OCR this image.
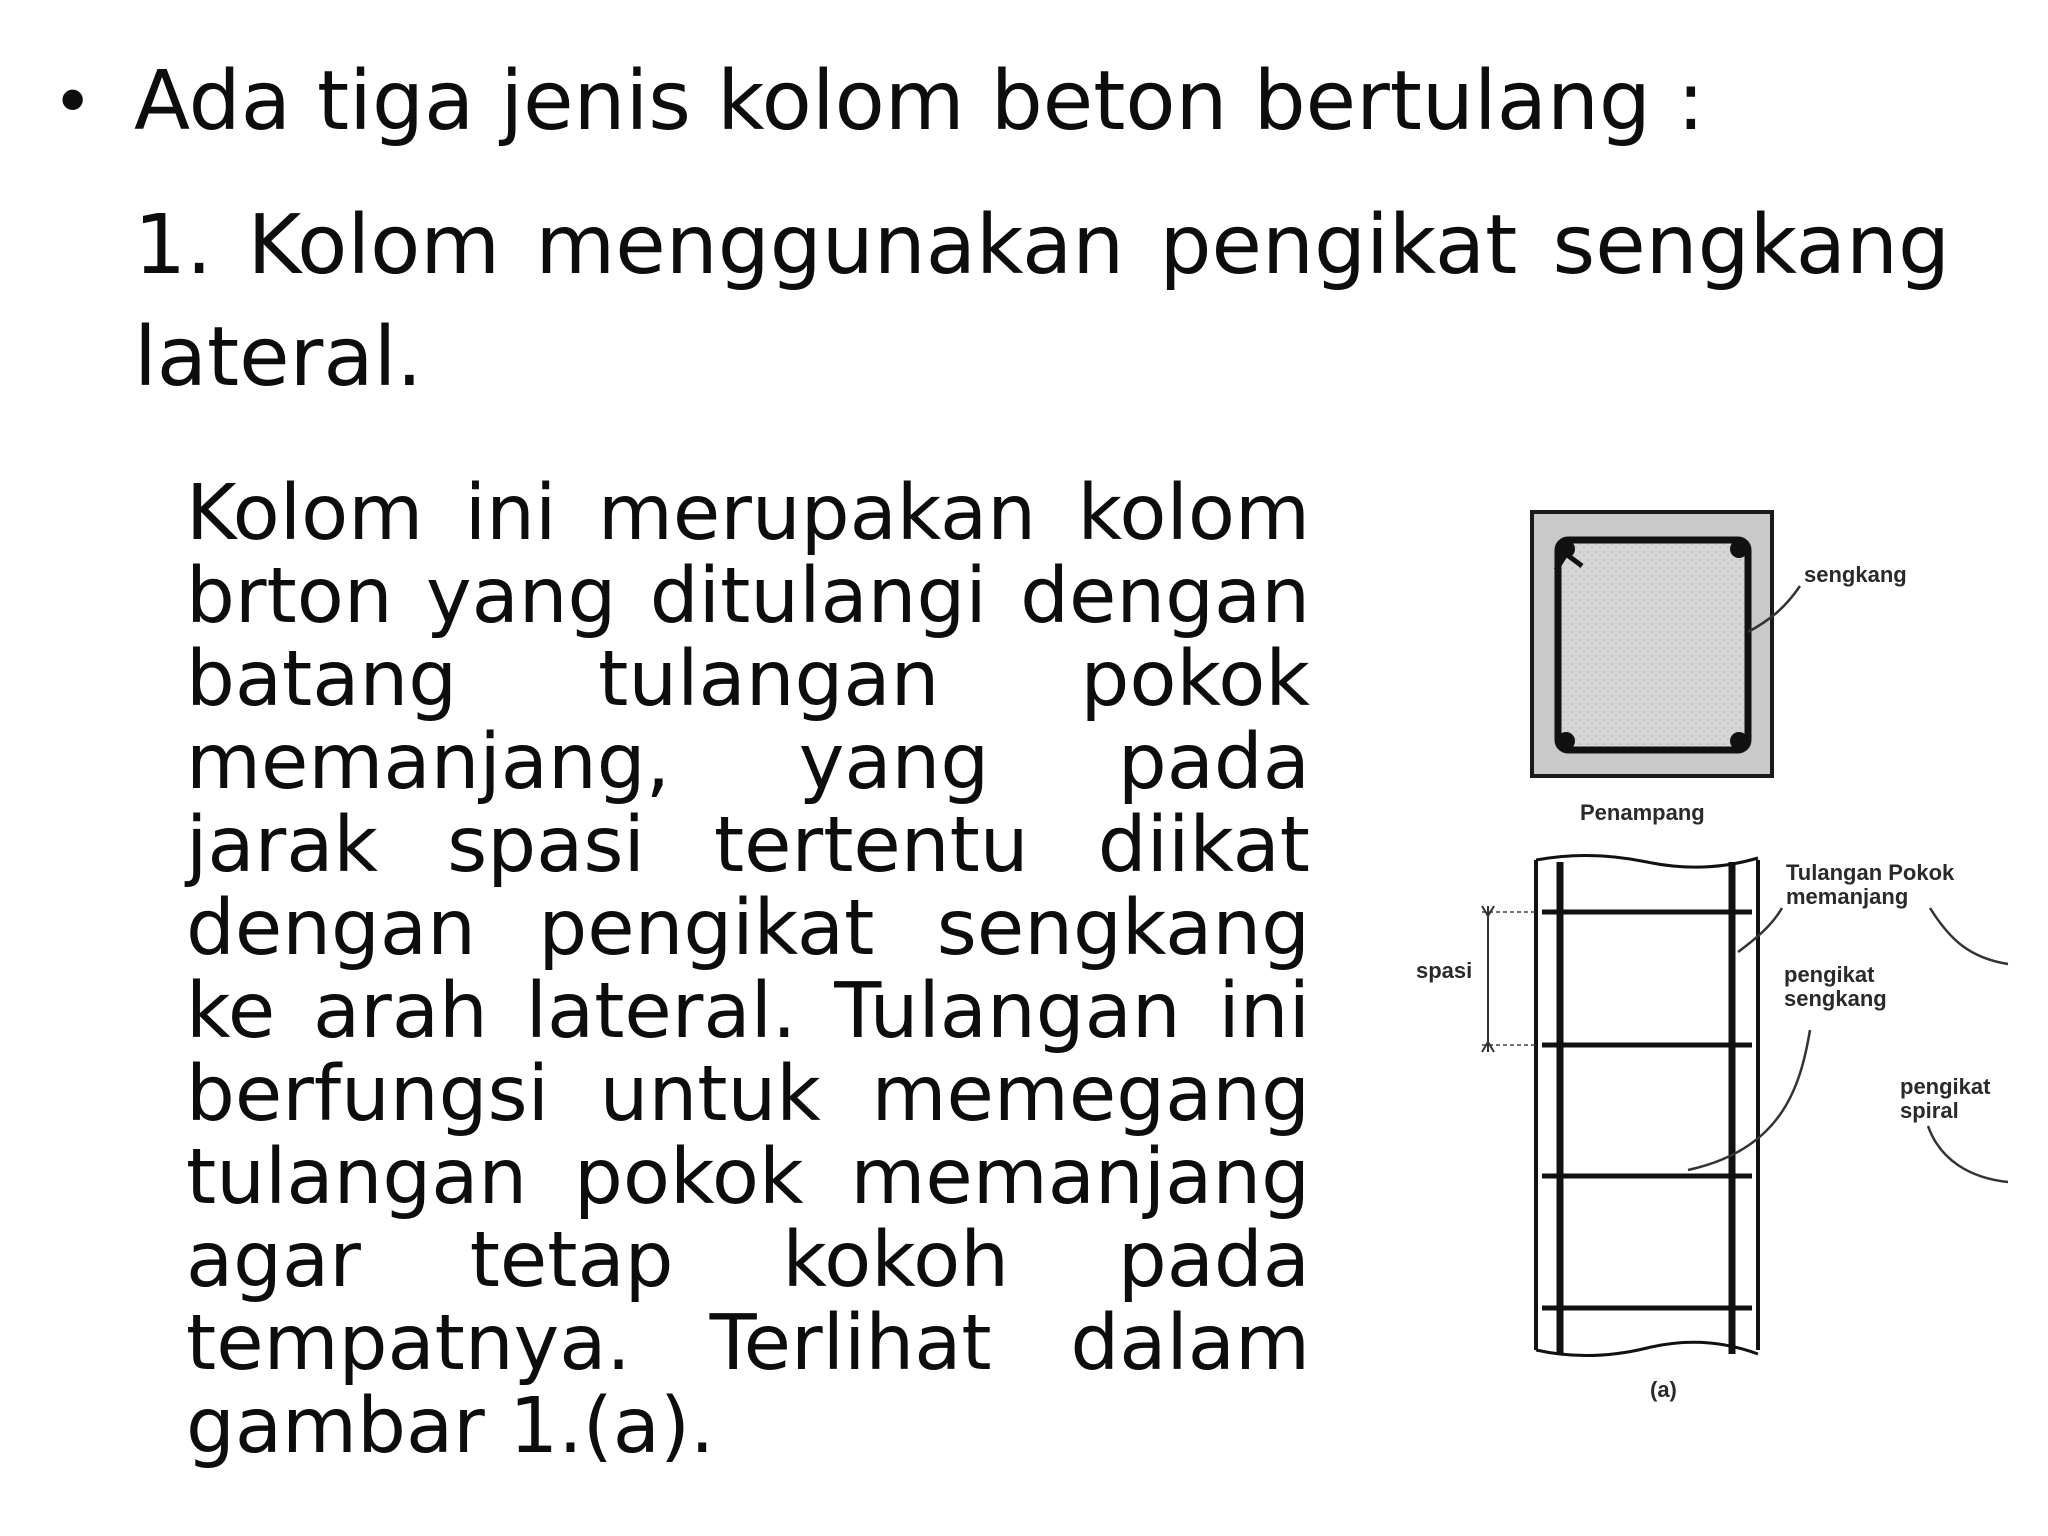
• Ada tiga jenis kolom beton bertulang :

1. Kolom menggunakan pengikat sengkang lateral.

Kolom ini merupakan kolom brton yang ditulangi dengan batang tulangan pokok memanjang, yang pada jarak spasi tertentu diikat dengan pengikat sengkang ke arah lateral. Tulangan ini berfungsi untuk memegang tulangan pokok memanjang agar tetap kokoh pada tempatnya. Terlihat dalam gambar 1.(a).

sengkang
Penampang
spasi
Tulangan Pokok
memanjang
pengikat
sengkang
pengikat
spiral
(a)
